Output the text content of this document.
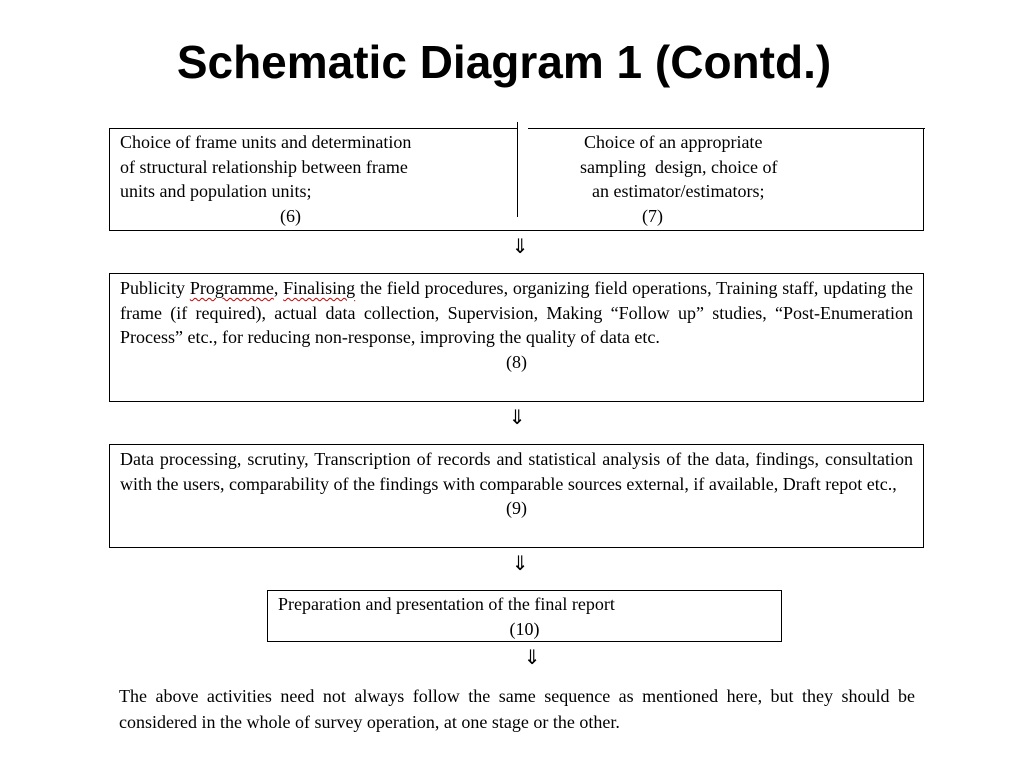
Schematic Diagram 1 (Contd.)
Choice of frame units and determination
of structural relationship between frame
units and population units;
(6)
Choice of an appropriate
sampling  design, choice of
an estimator/estimators;
(7)
⇓
Publicity Programme, Finalising the field procedures, organizing field operations, Training staff, updating the frame (if required), actual data collection, Supervision, Making “Follow up” studies, “Post-Enumeration Process” etc., for reducing non-response, improving the quality of data etc.
(8)
⇓
Data processing, scrutiny, Transcription of records and statistical analysis of the data, findings, consultation with the users, comparability of the findings with comparable sources external, if available, Draft repot etc.,
(9)
⇓
Preparation and presentation of the final report
(10)
⇓
The above activities need not always follow the same sequence as mentioned here, but they should be considered in the whole of survey operation, at one stage or the other.
